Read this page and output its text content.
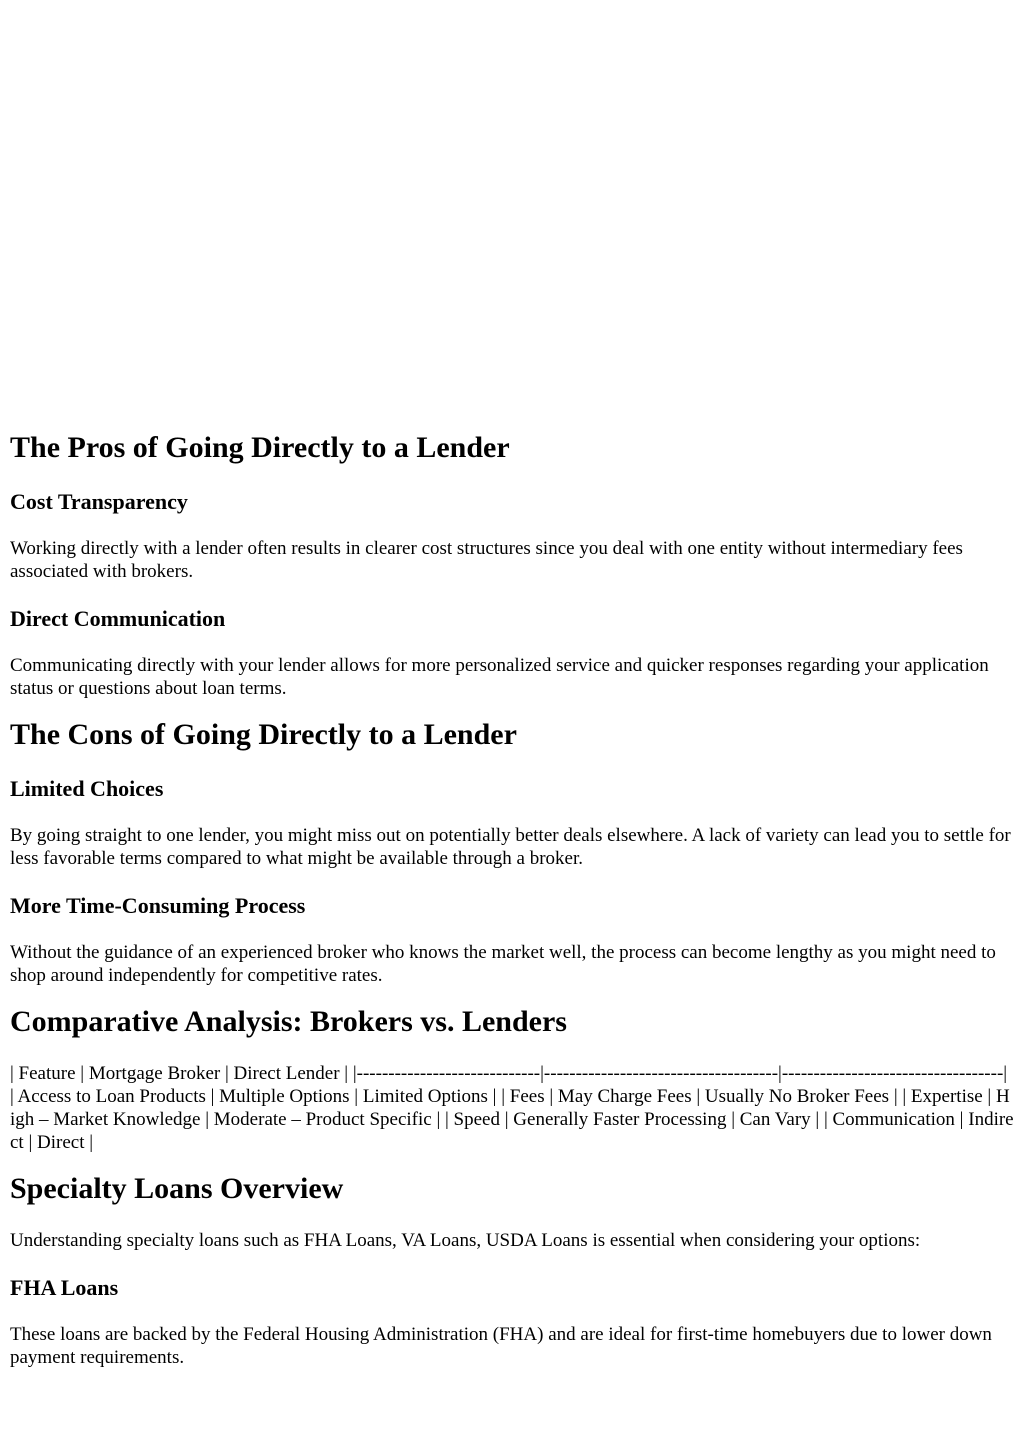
The Pros of Going Directly to a Lender
Cost Transparency

Working directly with a lender often results in clearer cost structures since you deal with one entity without intermediary fees associated with brokers.

Direct Communication

Communicating directly with your lender allows for more personalized service and quicker responses regarding your application status or questions about loan terms.

The Cons of Going Directly to a Lender
Limited Choices

By going straight to one lender, you might miss out on potentially better deals elsewhere. A lack of variety can lead you to settle for less favorable terms compared to what might be available through a broker.

More Time-Consuming Process

Without the guidance of an experienced broker who knows the market well, the process can become lengthy as you might need to shop around independently for competitive rates.

Comparative Analysis: Brokers vs. Lenders

| Feature | Mortgage Broker | Direct Lender | |-----------------------------|-------------------------------------|-----------------------------------| | Access to Loan Products | Multiple Options | Limited Options | | Fees | May Charge Fees | Usually No Broker Fees | | Expertise | High – Market Knowledge | Moderate – Product Specific | | Speed | Generally Faster Processing | Can Vary | | Communication | Indirect | Direct |

Specialty Loans Overview

Understanding specialty loans such as FHA Loans, VA Loans, USDA Loans is essential when considering your options:

FHA Loans

These loans are backed by the Federal Housing Administration (FHA) and are ideal for first-time homebuyers due to lower down payment requirements.
